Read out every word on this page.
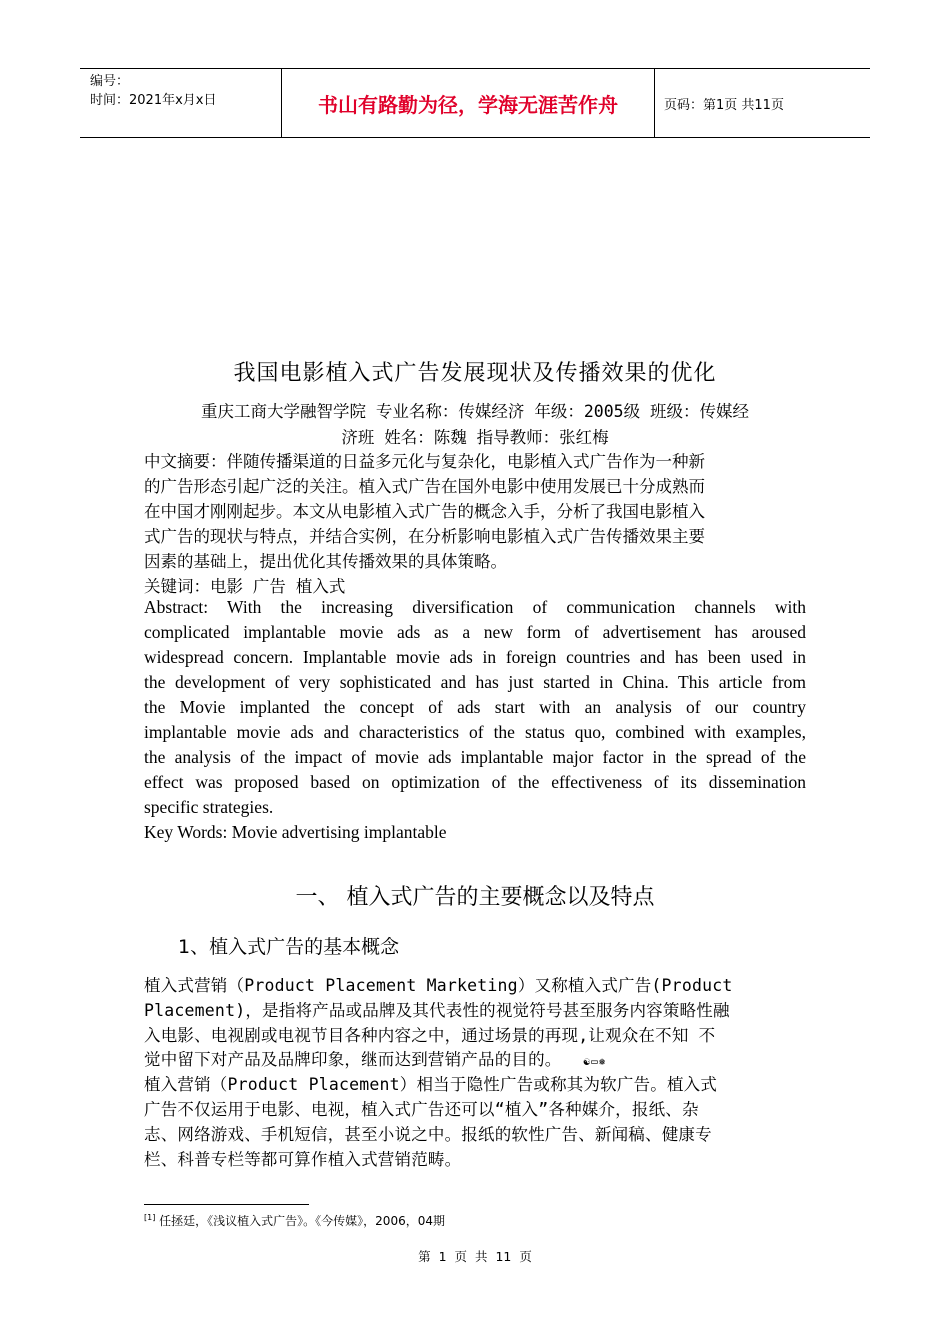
编号：
时间：2021年x月x日	书山有路勤为径，学海无涯苦作舟	页码：第1页 共11页
我国电影植入式广告发展现状及传播效果的优化
重庆工商大学融智学院 专业名称：传媒经济 年级：2005级 班级：传媒经
济班 姓名：陈魏 指导教师：张红梅
中文摘要：伴随传播渠道的日益多元化与复杂化，电影植入式广告作为一种新
的广告形态引起广泛的关注。植入式广告在国外电影中使用发展已十分成熟而
在中国才刚刚起步。本文从电影植入式广告的概念入手，分析了我国电影植入
式广告的现状与特点，并结合实例，在分析影响电影植入式广告传播效果主要
因素的基础上，提出优化其传播效果的具体策略。
关键词：电影 广告 植入式
Abstract: With the increasing diversification of communication channels with
complicated implantable movie ads as a new form of advertisement has aroused
widespread concern. Implantable movie ads in foreign countries and has been used in
the development of very sophisticated and has just started in China. This article from
the Movie implanted the concept of ads start with an analysis of our country
implantable movie ads and characteristics of the status quo, combined with examples,
the analysis of the impact of movie ads implantable major factor in the spread of the
effect was proposed based on optimization of the effectiveness of its dissemination
specific strategies.
Key Words: Movie advertising implantable
一、 植入式广告的主要概念以及特点
1、植入式广告的基本概念
植入式营销（Product Placement Marketing）又称植入式广告(Product
Placement)，是指将产品或品牌及其代表性的视觉符号甚至服务内容策略性融
入电影、电视剧或电视节目各种内容之中，通过场景的再现,让观众在不知 不
觉中留下对产品及品牌印象，继而达到营销产品的目的。 ☯▭❅
植入营销（Product Placement）相当于隐性广告或称其为软广告。植入式
广告不仅运用于电影、电视，植入式广告还可以“植入”各种媒介，报纸、杂
志、网络游戏、手机短信，甚至小说之中。报纸的软性广告、新闻稿、健康专
栏、科普专栏等都可算作植入式营销范畴。
[1] 任拯廷，《浅议植入式广告》。《今传媒》，2006，04期
第 1 页 共 11 页
